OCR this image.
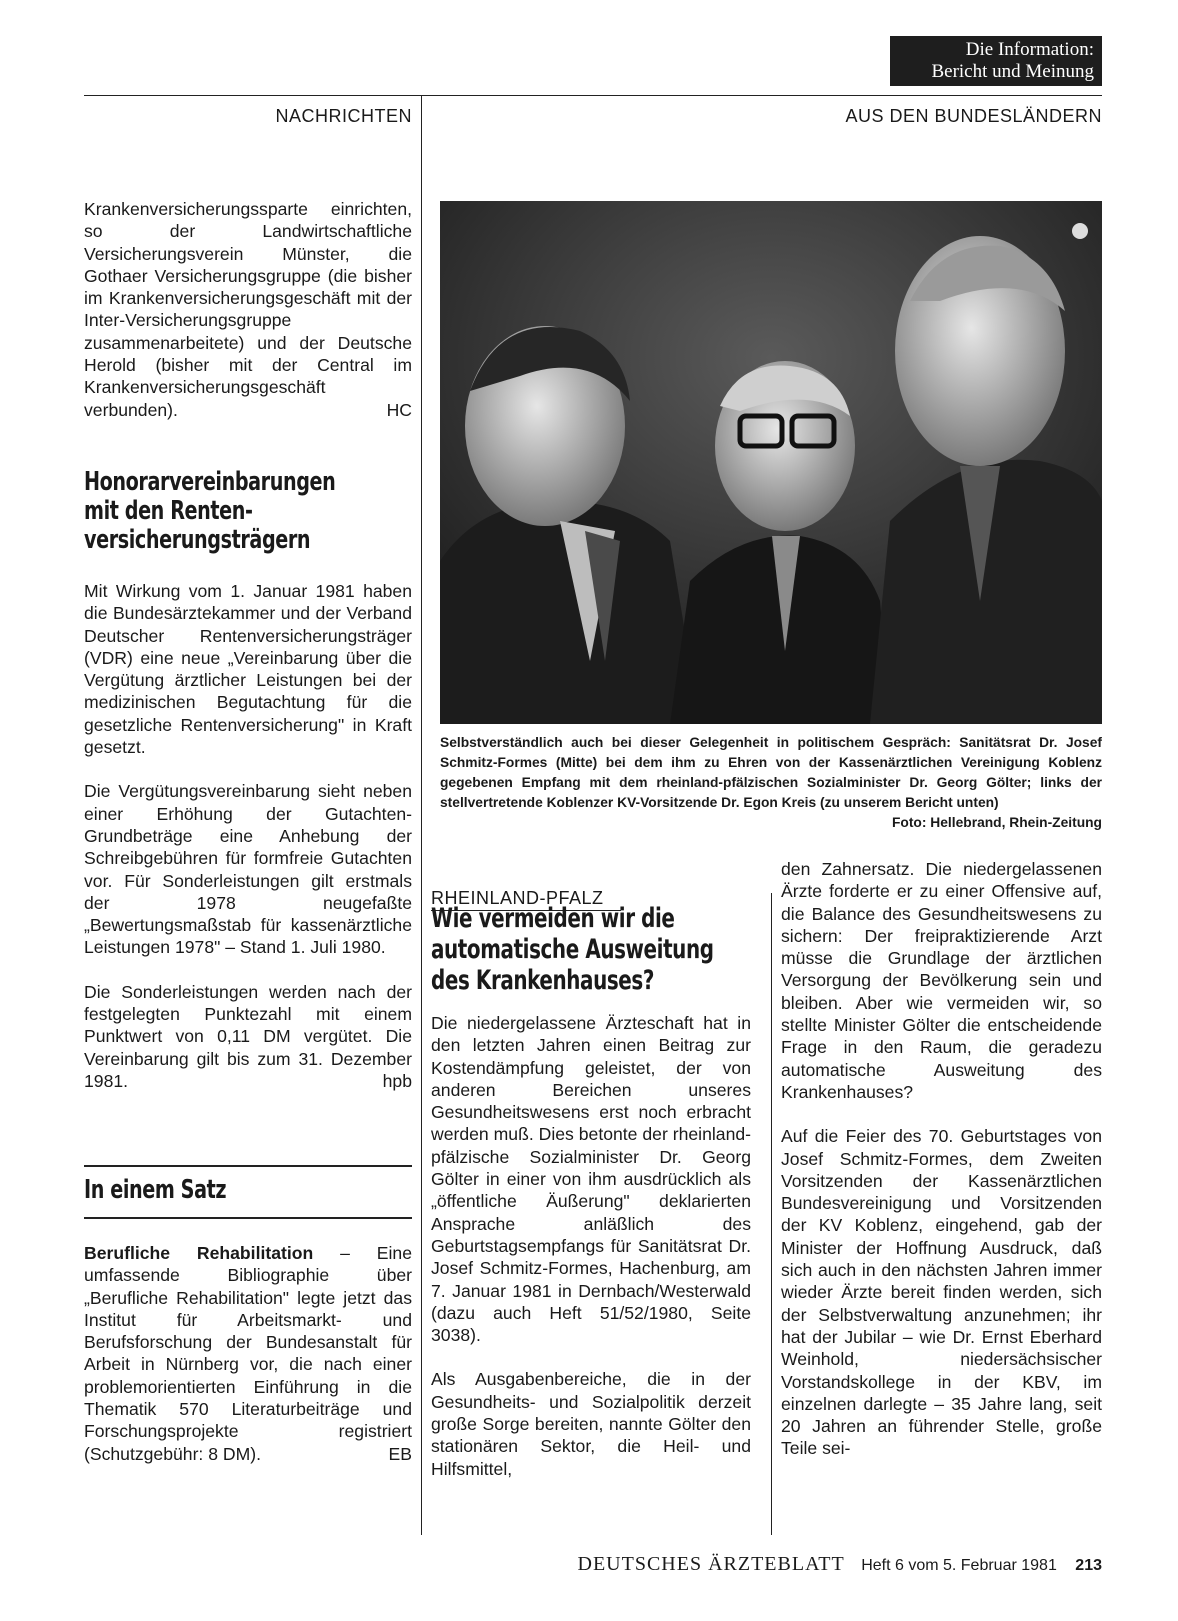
Die Information:
Bericht und Meinung
NACHRICHTEN	AUS DEN BUNDESLÄNDERN

Krankenversicherungssparte einrichten, so der Landwirtschaftliche Versicherungsverein Münster, die Gothaer Versicherungsgruppe (die bisher im Krankenversicherungsgeschäft mit der Inter-Versicherungsgruppe zusammenarbeitete) und der Deutsche Herold (bisher mit der Central im Krankenversicherungsgeschäft verbunden).	HC

Honorarvereinbarungen
mit den Renten-
versicherungsträgern

Mit Wirkung vom 1. Januar 1981 haben die Bundesärztekammer und der Verband Deutscher Rentenversicherungsträger (VDR) eine neue „Vereinbarung über die Vergütung ärztlicher Leistungen bei der medizinischen Begutachtung für die gesetzliche Rentenversicherung" in Kraft gesetzt.

Die Vergütungsvereinbarung sieht neben einer Erhöhung der Gutachten-Grundbeträge eine Anhebung der Schreibgebühren für formfreie Gutachten vor. Für Sonderleistungen gilt erstmals der 1978 neugefaßte „Bewertungsmaßstab für kassenärztliche Leistungen 1978" – Stand 1. Juli 1980.

Die Sonderleistungen werden nach der festgelegten Punktezahl mit einem Punktwert von 0,11 DM vergütet. Die Vereinbarung gilt bis zum 31. Dezember 1981.	hpb

In einem Satz

Berufliche Rehabilitation – Eine umfassende Bibliographie über „Berufliche Rehabilitation" legte jetzt das Institut für Arbeitsmarkt- und Berufsforschung der Bundesanstalt für Arbeit in Nürnberg vor, die nach einer problemorientierten Einführung in die Thematik 570 Literaturbeiträge und Forschungsprojekte registriert (Schutzgebühr: 8 DM).	EB

Selbstverständlich auch bei dieser Gelegenheit in politischem Gespräch: Sanitätsrat Dr. Josef Schmitz-Formes (Mitte) bei dem ihm zu Ehren von der Kassenärztlichen Vereinigung Koblenz gegebenen Empfang mit dem rheinland-pfälzischen Sozialminister Dr. Georg Gölter; links der stellvertretende Koblenzer KV-Vorsitzende Dr. Egon Kreis (zu unserem Bericht unten)
Foto: Hellebrand, Rhein-Zeitung
RHEINLAND-PFALZ
Wie vermeiden wir die
automatische Ausweitung
des Krankenhauses?

Die niedergelassene Ärzteschaft hat in den letzten Jahren einen Beitrag zur Kostendämpfung geleistet, der von anderen Bereichen unseres Gesundheitswesens erst noch erbracht werden muß. Dies betonte der rheinland-pfälzische Sozialminister Dr. Georg Gölter in einer von ihm ausdrücklich als „öffentliche Äußerung" deklarierten Ansprache anläßlich des Geburtstagsempfangs für Sanitätsrat Dr. Josef Schmitz-Formes, Hachenburg, am 7. Januar 1981 in Dernbach/Westerwald (dazu auch Heft 51/52/1980, Seite 3038).

Als Ausgabenbereiche, die in der Gesundheits- und Sozialpolitik derzeit große Sorge bereiten, nannte Gölter den stationären Sektor, die Heil- und Hilfsmittel,

den Zahnersatz. Die niedergelassenen Ärzte forderte er zu einer Offensive auf, die Balance des Gesundheitswesens zu sichern: Der freipraktizierende Arzt müsse die Grundlage der ärztlichen Versorgung der Bevölkerung sein und bleiben. Aber wie vermeiden wir, so stellte Minister Gölter die entscheidende Frage in den Raum, die geradezu automatische Ausweitung des Krankenhauses?

Auf die Feier des 70. Geburtstages von Josef Schmitz-Formes, dem Zweiten Vorsitzenden der Kassenärztlichen Bundesvereinigung und Vorsitzenden der KV Koblenz, eingehend, gab der Minister der Hoffnung Ausdruck, daß sich auch in den nächsten Jahren immer wieder Ärzte bereit finden werden, sich der Selbstverwaltung anzunehmen; ihr hat der Jubilar – wie Dr. Ernst Eberhard Weinhold, niedersächsischer Vorstandskollege in der KBV, im einzelnen darlegte – 35 Jahre lang, seit 20 Jahren an führender Stelle, große Teile sei-

DEUTSCHES ÄRZTEBLATT Heft 6 vom 5. Februar 1981 213
